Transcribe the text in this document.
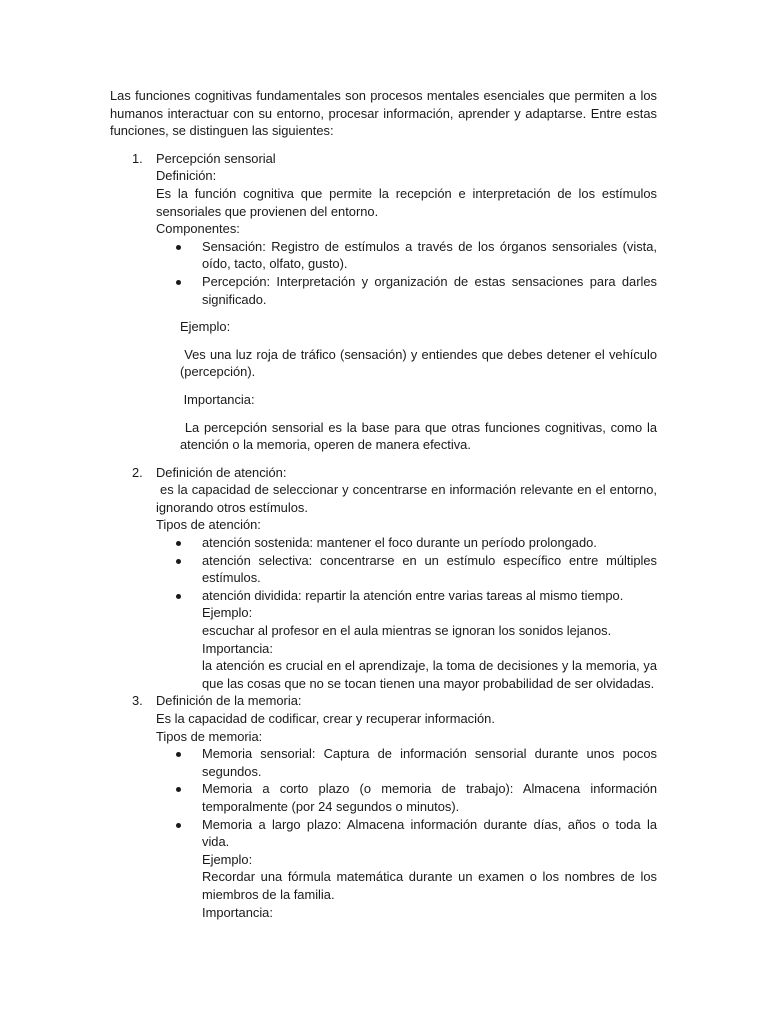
Las funciones cognitivas fundamentales son procesos mentales esenciales que permiten a los humanos interactuar con su entorno, procesar información, aprender y adaptarse. Entre estas funciones, se distinguen las siguientes:

1. Percepción sensorial

Definición:

Es la función cognitiva que permite la recepción e interpretación de los estímulos sensoriales que provienen del entorno.

Componentes:

Sensación: Registro de estímulos a través de los órganos sensoriales (vista, oído, tacto, olfato, gusto).
Percepción: Interpretación y organización de estas sensaciones para darles significado.

Ejemplo:

Ves una luz roja de tráfico (sensación) y entiendes que debes detener el vehículo (percepción).

Importancia:

La percepción sensorial es la base para que otras funciones cognitivas, como la atención o la memoria, operen de manera efectiva.

2. Definición de atención:

es la capacidad de seleccionar y concentrarse en información relevante en el entorno, ignorando otros estímulos.

Tipos de atención:

atención sostenida: mantener el foco durante un período prolongado.
atención selectiva: concentrarse en un estímulo específico entre múltiples estímulos.

atención dividida: repartir la atención entre varias tareas al mismo tiempo.

Ejemplo:

escuchar al profesor en el aula mientras se ignoran los sonidos lejanos.

Importancia:

la atención es crucial en el aprendizaje, la toma de decisiones y la memoria, ya que las cosas que no se tocan tienen una mayor probabilidad de ser olvidadas.

3. Definición de la memoria:

Es la capacidad de codificar, crear y recuperar información.

Tipos de memoria:

Memoria sensorial: Captura de información sensorial durante unos pocos segundos.
Memoria a corto plazo (o memoria de trabajo): Almacena información temporalmente (por 24 segundos o minutos).

Memoria a largo plazo: Almacena información durante días, años o toda la vida.

Ejemplo:

Recordar una fórmula matemática durante un examen o los nombres de los miembros de la familia.

Importancia:
